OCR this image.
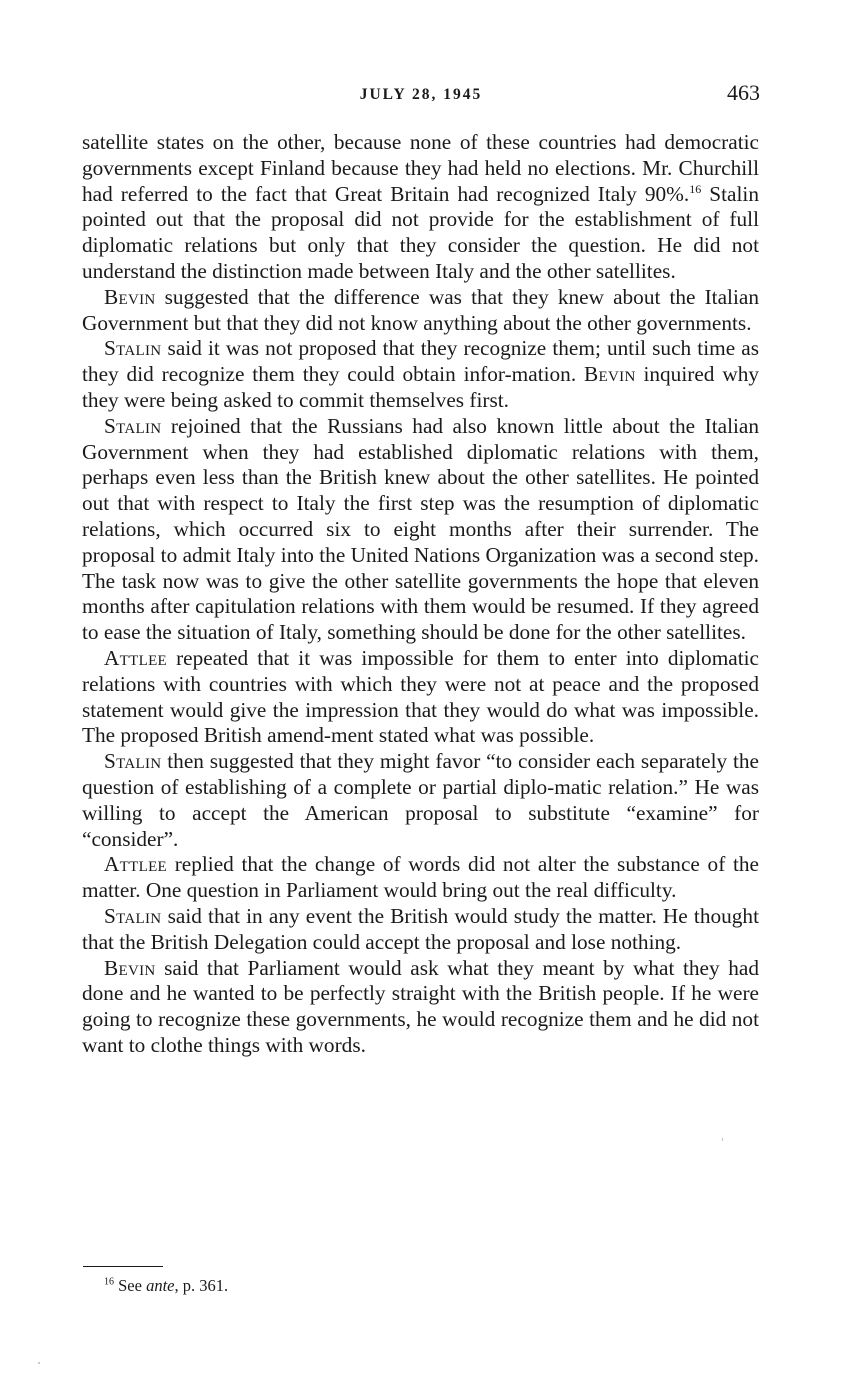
JULY 28, 1945	463

satellite states on the other, because none of these countries had democratic governments except Finland because they had held no elections. Mr. Churchill had referred to the fact that Great Britain had recognized Italy 90%.$^{16}$ Stalin pointed out that the proposal did not provide for the establishment of full diplomatic relations but only that they consider the question. He did not understand the distinction made between Italy and the other satellites.

Bevin suggested that the difference was that they knew about the Italian Government but that they did not know anything about the other governments.

Stalin said it was not proposed that they recognize them; until such time as they did recognize them they could obtain infor-mation. Bevin inquired why they were being asked to commit themselves first.

Stalin rejoined that the Russians had also known little about the Italian Government when they had established diplomatic relations with them, perhaps even less than the British knew about the other satellites. He pointed out that with respect to Italy the first step was the resumption of diplomatic relations, which occurred six to eight months after their surrender. The proposal to admit Italy into the United Nations Organization was a second step. The task now was to give the other satellite governments the hope that eleven months after capitulation relations with them would be resumed. If they agreed to ease the situation of Italy, something should be done for the other satellites.

Attlee repeated that it was impossible for them to enter into diplomatic relations with countries with which they were not at peace and the proposed statement would give the impression that they would do what was impossible. The proposed British amend-ment stated what was possible.

Stalin then suggested that they might favor “to consider each separately the question of establishing of a complete or partial diplo-matic relation.” He was willing to accept the American proposal to substitute “examine” for “consider”.

Attlee replied that the change of words did not alter the substance of the matter. One question in Parliament would bring out the real difficulty.

Stalin said that in any event the British would study the matter. He thought that the British Delegation could accept the proposal and lose nothing.

Bevin said that Parliament would ask what they meant by what they had done and he wanted to be perfectly straight with the British people. If he were going to recognize these governments, he would recognize them and he did not want to clothe things with words.

$^{16}$ See ante, p. 361.
